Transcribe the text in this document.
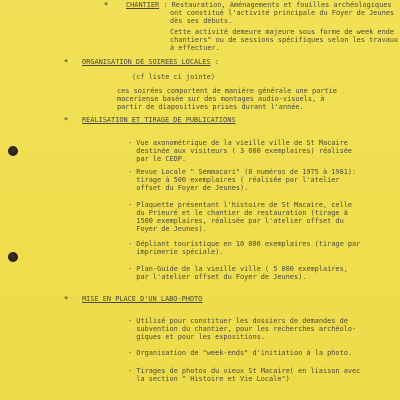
*	CHANTIER : Restauration, Aménagements et fouilles archéologiques
ont constitué l'activité principale du Foyer de Jeunes
dès ses débuts.
Cette activité demeure majeure sous forme de week ende
chantiers" ou de sessions spécifiques selon les travaux
à effectuer.
* ORGANISATION DE SOIREES LOCALES :
(cf liste ci jointe)
ces soirées comportent de manière générale une partie
maceriense basée sur des montages audio-visuels, à
partir de diapositives prises durant l'année.
* REALISATION ET TIRAGE DE PUBLICATIONS
- Vue axonométrique de la vieille ville de St Macaire
destinée aux visiteurs ( 3 000 exemplaires) réalisée
par le CEDP.
- Revue Locale " Semmacari" (8 numéros de 1975 à 1981):
tirage à 500 exemplaires ( réalisée par l'atelier
offset du Foyer de Jeunes).
- Plaquette présentant l'histoire de St Macaire, celle
du Prieuré et le chantier de restauration (tirage à
1500 exemplaires, réalisée par l'atelier offset du
Foyer de Jeunes).
- Dépliant touristique en 10 000 exemplaires (tirage par
imprimerie spéciale).
- Plan-Guide de la vieille ville ( 5 000 exemplaires,
par l'atelier offset du Foyer de Jeunes).
* MISE EN PLACE D'UN LABO-PHOTO
- Utilisé pour constituer les dossiers de demandes de
subvention du chantier, pour les recherches archéolo-
giques et pour les expositions.
- Organisation de "week-ends" d'initiation à la photo.
- Tirages de photos du vieux St Macaire( en liaison avec
la section " Histoire et Vie Locale")
